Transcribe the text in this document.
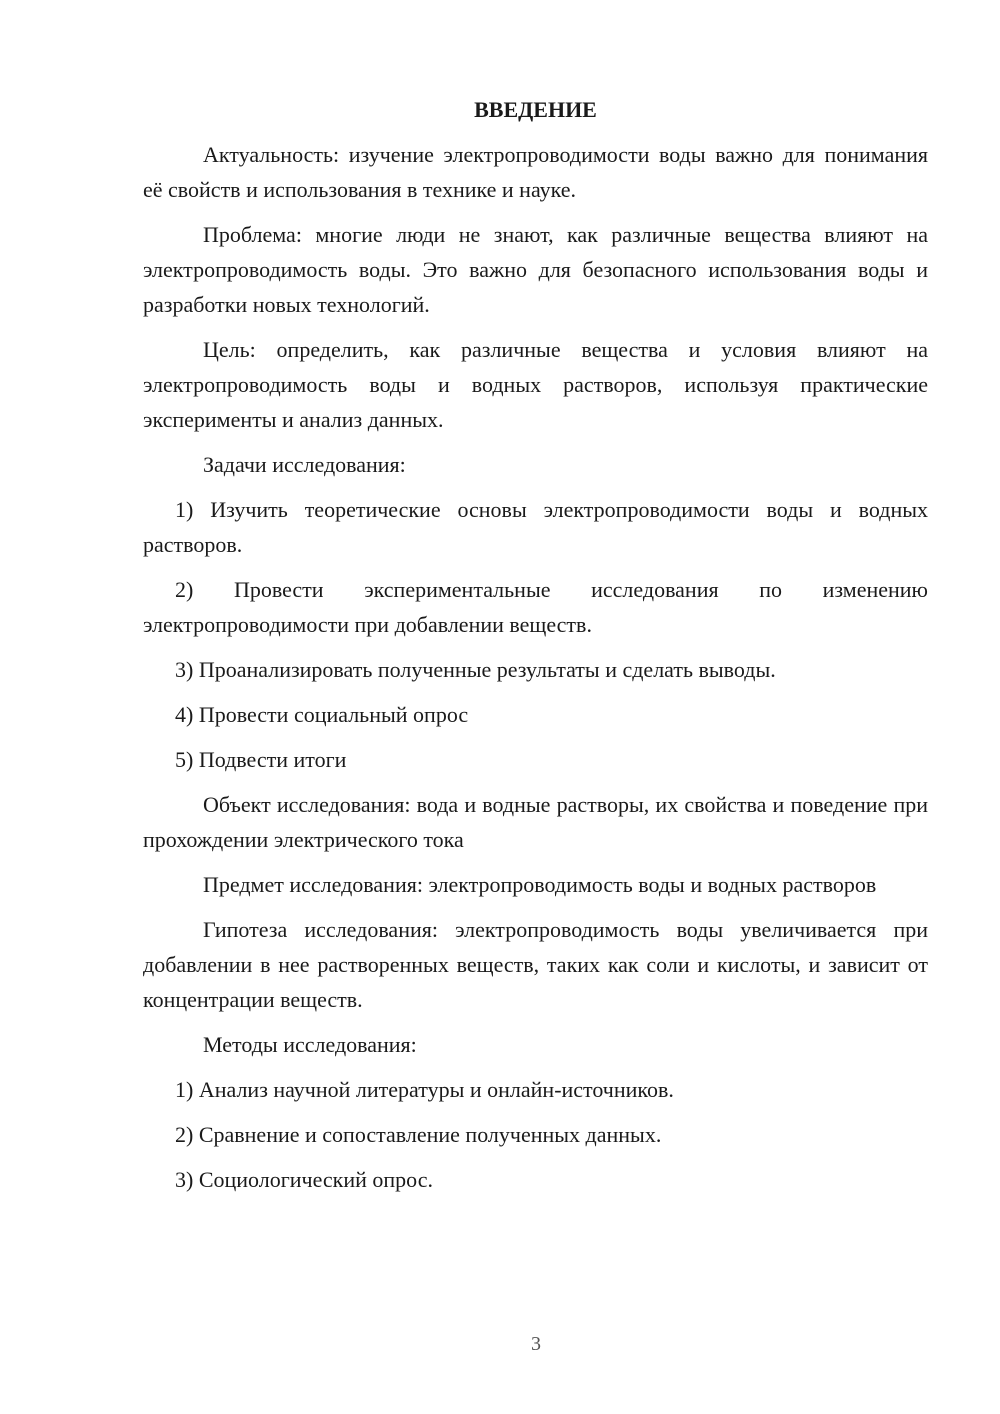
ВВЕДЕНИЕ

Актуальность: изучение электропроводимости воды важно для понимания её свойств и использования в технике и науке.

Проблема: многие люди не знают, как различные вещества влияют на электропроводимость воды. Это важно для безопасного использования воды и разработки новых технологий.

Цель: определить, как различные вещества и условия влияют на электропроводимость воды и водных растворов, используя практические эксперименты и анализ данных.

Задачи исследования:

1) Изучить теоретические основы электропроводимости воды и водных растворов.

2) Провести экспериментальные исследования по изменению электропроводимости при добавлении веществ.

3) Проанализировать полученные результаты и сделать выводы.

4) Провести социальный опрос

5) Подвести итоги

Объект исследования: вода и водные растворы, их свойства и поведение при прохождении электрического тока

Предмет исследования: электропроводимость воды и водных растворов

Гипотеза исследования: электропроводимость воды увеличивается при добавлении в нее растворенных веществ, таких как соли и кислоты, и зависит от концентрации веществ.

Методы исследования:

1) Анализ научной литературы и онлайн-источников.

2) Сравнение и сопоставление полученных данных.

3) Социологический опрос.

3
